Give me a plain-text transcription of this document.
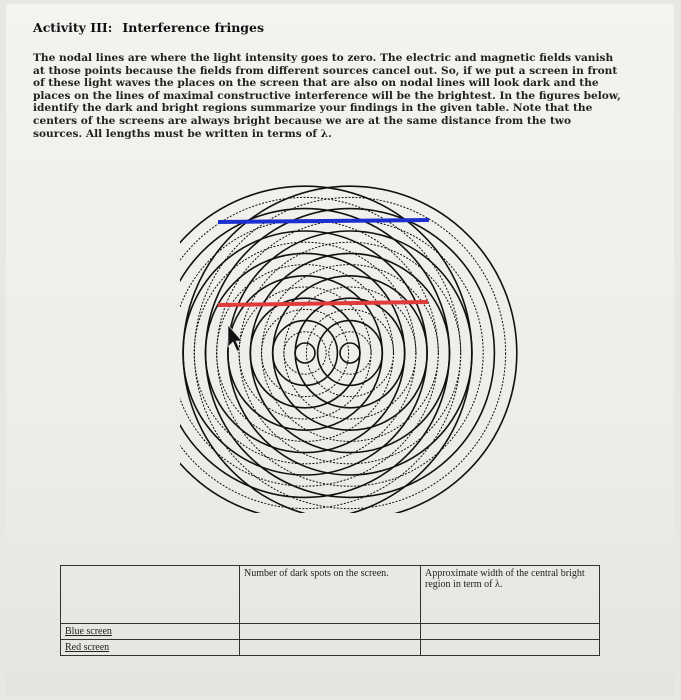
Activity III: Interference fringes

The nodal lines are where the light intensity goes to zero. The electric and magnetic fields vanish at those points because the fields from different sources cancel out. So, if we put a screen in front of these light waves the places on the screen that are also on nodal lines will look dark and the places on the lines of maximal constructive interference will be the brightest. In the figures below, identify the dark and bright regions summarize your findings in the given table. Note that the centers of the screens are always bright because we are at the same distance from the two sources. All lengths must be written in terms of λ.

	Number of dark spots on the screen.	Approximate width of the central bright region in term of λ.
Blue screen		
Red screen		
